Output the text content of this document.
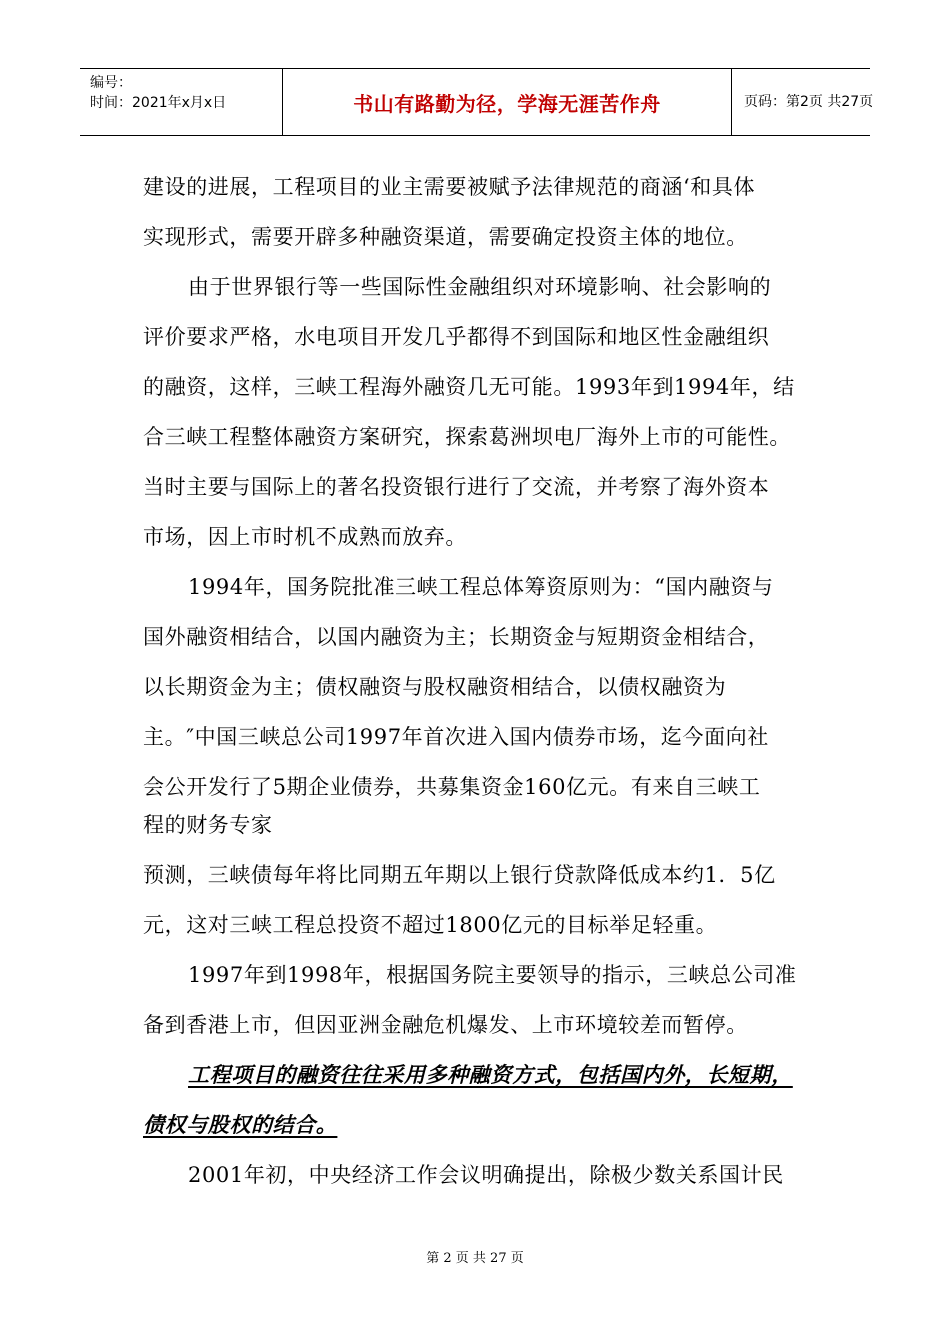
编号：
时间：2021年x月x日	书山有路勤为径，学海无涯苦作舟	页码：第2页 共27页
建设的进展，工程项目的业主需要被赋予法律规范的商涵‘和具体
实现形式，需要开辟多种融资渠道，需要确定投资主体的地位。
由于世界银行等一些国际性金融组织对环境影响、社会影响的
评价要求严格，水电项目开发几乎都得不到国际和地区性金融组织
的融资，这样，三峡工程海外融资几无可能。1993年到1994年，结
合三峡工程整体融资方案研究，探索葛洲坝电厂海外上市的可能性。
当时主要与国际上的著名投资银行进行了交流，并考察了海外资本
市场，因上市时机不成熟而放弃。
1994年，国务院批准三峡工程总体筹资原则为：“国内融资与
国外融资相结合，以国内融资为主；长期资金与短期资金相结合，
以长期资金为主；债权融资与股权融资相结合，以债权融资为
主。″中国三峡总公司1997年首次进入国内债券市场，迄今面向社
会公开发行了5期企业债券，共募集资金160亿元。有来自三峡工
程的财务专家
预测，三峡债每年将比同期五年期以上银行贷款降低成本约1．5亿
元，这对三峡工程总投资不超过1800亿元的目标举足轻重。
1997年到1998年，根据国务院主要领导的指示，三峡总公司准
备到香港上市，但因亚洲金融危机爆发、上市环境较差而暂停。
工程项目的融资往往采用多种融资方式，包括国内外，长短期，
债权与股权的结合。
2001年初，中央经济工作会议明确提出，除极少数关系国计民
第 2 页 共 27 页
